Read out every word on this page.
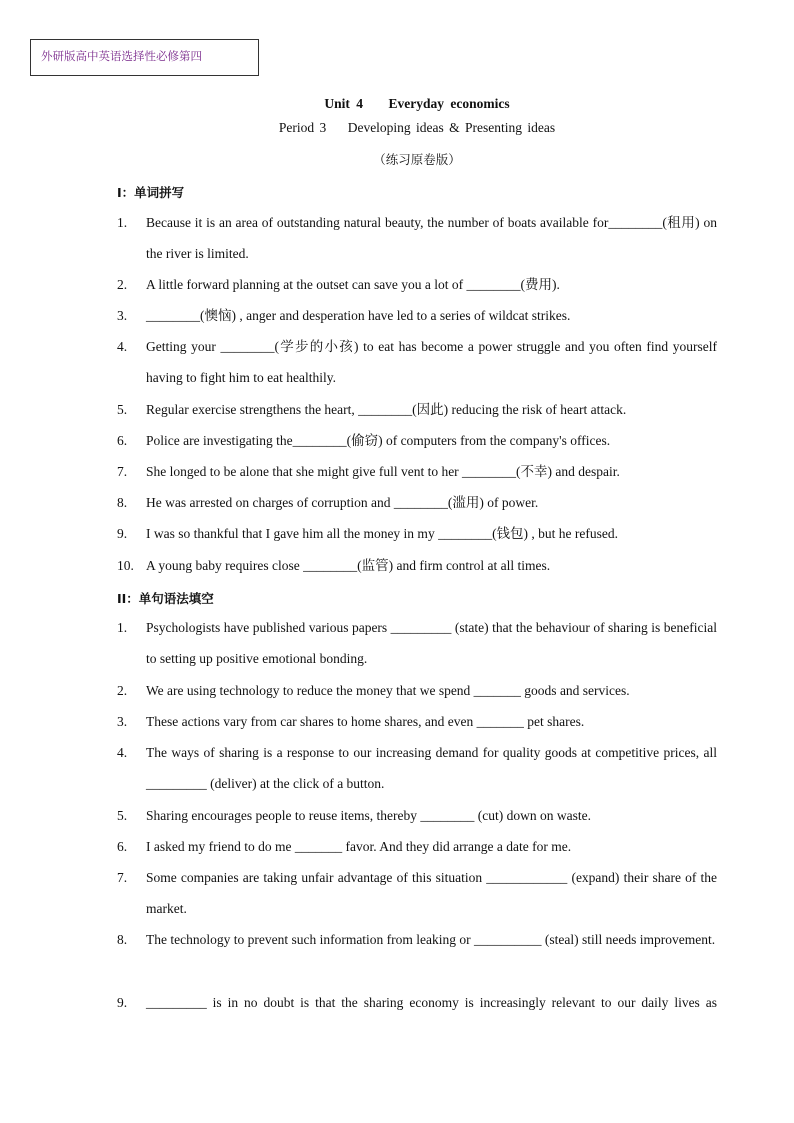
外研版高中英语选择性必修第四
Unit 4    Everyday economics
Period 3    Developing ideas & Presenting ideas
（练习原卷版）
I：单词拼写
1. Because it is an area of outstanding natural beauty, the number of boats available for________(租用) on the river is limited.
2. A little forward planning at the outset can save you a lot of ________(费用).
3. ________(懊恼) , anger and desperation have led to a series of wildcat strikes.
4. Getting your ________(学步的小孩) to eat has become a power struggle and you often find yourself having to fight him to eat healthily.
5. Regular exercise strengthens the heart, ________(因此) reducing the risk of heart attack.
6. Police are investigating the________(偷窃) of computers from the company's offices.
7. She longed to be alone that she might give full vent to her ________(不幸) and despair.
8. He was arrested on charges of corruption and ________(滥用) of power.
9. I was so thankful that I gave him all the money in my ________(钱包) , but he refused.
10. A young baby requires close ________(监管) and firm control at all times.
II：单句语法填空
1. Psychologists have published various papers _________ (state) that the behaviour of sharing is beneficial to setting up positive emotional bonding.
2. We are using technology to reduce the money that we spend _______ goods and services.
3. These actions vary from car shares to home shares, and even _______ pet shares.
4. The ways of sharing is a response to our increasing demand for quality goods at competitive prices, all _________ (deliver) at the click of a button.
5. Sharing encourages people to reuse items, thereby ________ (cut) down on waste.
6. I asked my friend to do me _______ favor. And they did arrange a date for me.
7. Some companies are taking unfair advantage of this situation ____________ (expand) their share of the market.
8. The technology to prevent such information from leaking or __________ (steal) still needs improvement.
9. _________ is in no doubt is that the sharing economy is increasingly relevant to our daily lives as
